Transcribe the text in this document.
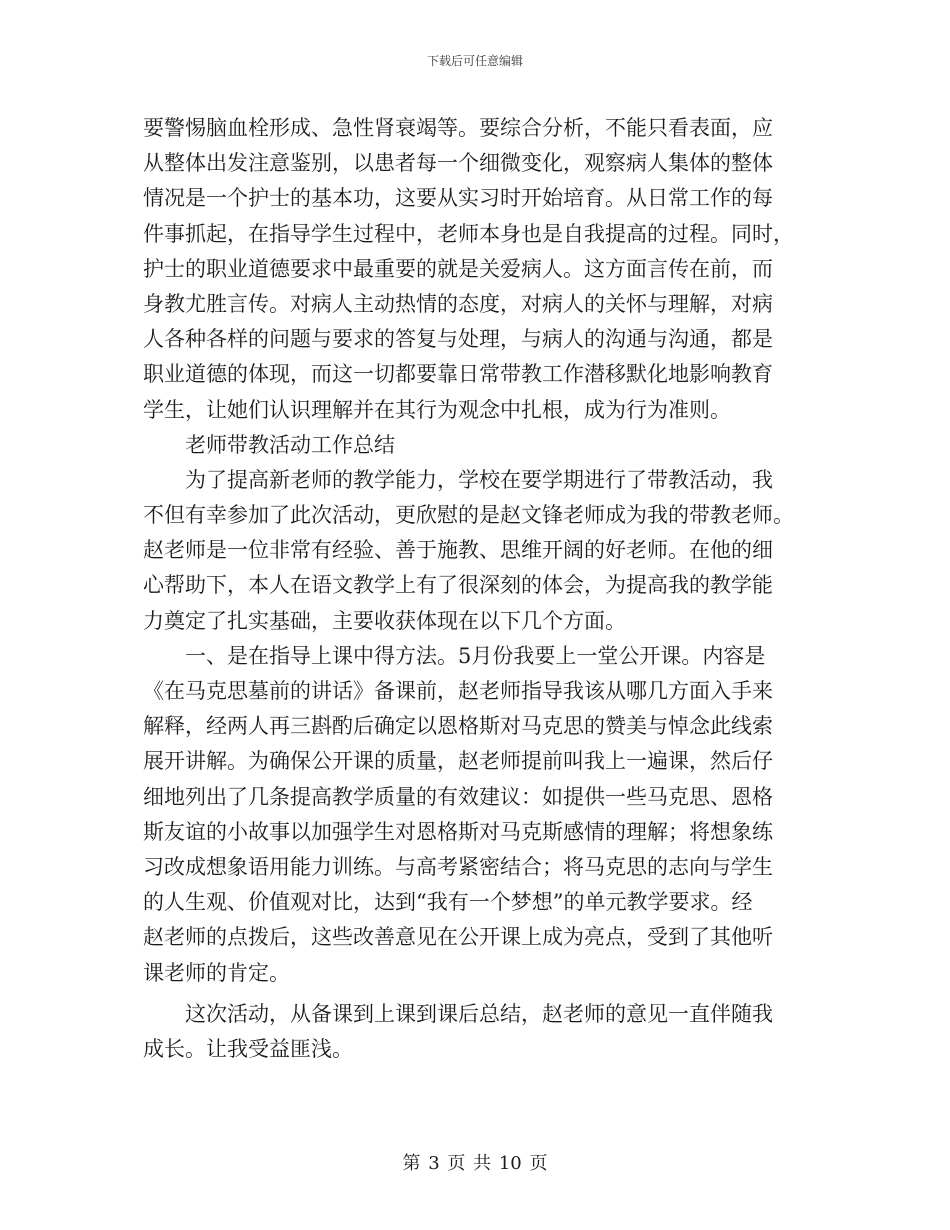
下载后可任意编辑
要警惕脑血栓形成、急性肾衰竭等。要综合分析，不能只看表面，应
从整体出发注意鉴别，以患者每一个细微变化，观察病人集体的整体
情况是一个护士的基本功，这要从实习时开始培育。从日常工作的每
件事抓起，在指导学生过程中，老师本身也是自我提高的过程。同时，
护士的职业道德要求中最重要的就是关爱病人。这方面言传在前，而
身教尤胜言传。对病人主动热情的态度，对病人的关怀与理解，对病
人各种各样的问题与要求的答复与处理，与病人的沟通与沟通，都是
职业道德的体现，而这一切都要靠日常带教工作潜移默化地影响教育
学生，让她们认识理解并在其行为观念中扎根，成为行为准则。
老师带教活动工作总结
为了提高新老师的教学能力，学校在要学期进行了带教活动，我
不但有幸参加了此次活动，更欣慰的是赵文锋老师成为我的带教老师。
赵老师是一位非常有经验、善于施教、思维开阔的好老师。在他的细
心帮助下，本人在语文教学上有了很深刻的体会，为提高我的教学能
力奠定了扎实基础，主要收获体现在以下几个方面。
一、是在指导上课中得方法。5月份我要上一堂公开课。内容是
《在马克思墓前的讲话》备课前，赵老师指导我该从哪几方面入手来
解释，经两人再三斟酌后确定以恩格斯对马克思的赞美与悼念此线索
展开讲解。为确保公开课的质量，赵老师提前叫我上一遍课，然后仔
细地列出了几条提高教学质量的有效建议：如提供一些马克思、恩格
斯友谊的小故事以加强学生对恩格斯对马克斯感情的理解；将想象练
习改成想象语用能力训练。与高考紧密结合；将马克思的志向与学生
的人生观、价值观对比，达到“我有一个梦想”的单元教学要求。经
赵老师的点拨后，这些改善意见在公开课上成为亮点，受到了其他听
课老师的肯定。
这次活动，从备课到上课到课后总结，赵老师的意见一直伴随我
成长。让我受益匪浅。
第 3 页 共 10 页
